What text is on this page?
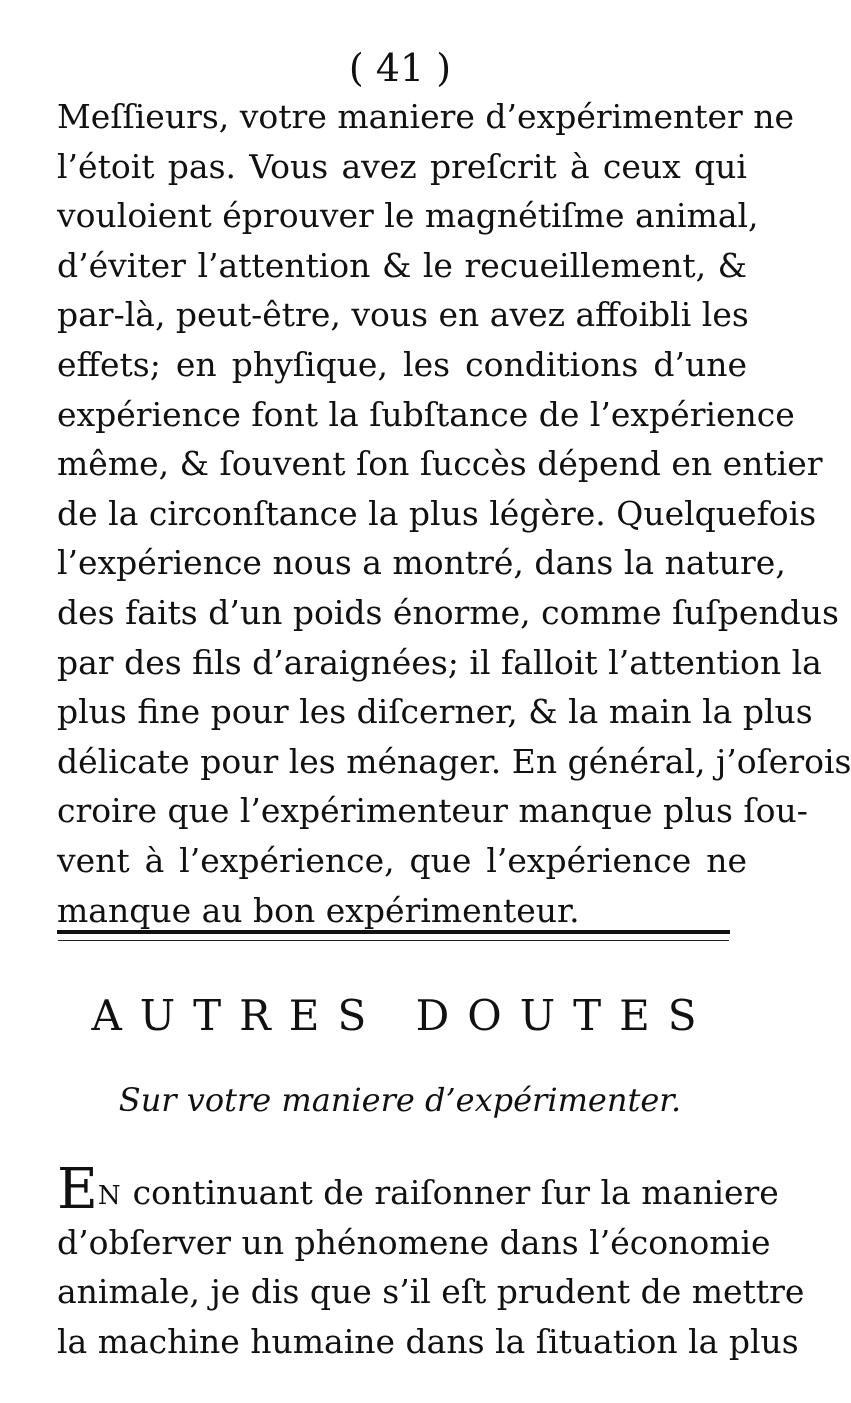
( 41 )
Meſſieurs, votre maniere d’expérimenter ne
l’étoit pas. Vous avez preſcrit à ceux qui
vouloient éprouver le magnétiſme animal,
d’éviter l’attention & le recueillement, &
par-là, peut-être, vous en avez affoibli les
effets; en phyſique, les conditions d’une
expérience font la ſubſtance de l’expérience
même, & ſouvent ſon ſuccès dépend en entier
de la circonſtance la plus légère. Quelquefois
l’expérience nous a montré, dans la nature,
des faits d’un poids énorme, comme ſuſpendus
par des fils d’araignées; il falloit l’attention la
plus fine pour les diſcerner, & la main la plus
délicate pour les ménager. En général, j’oſerois
croire que l’expérimenteur manque plus ſou-
vent à l’expérience, que l’expérience ne
manque au bon expérimenteur.
AUTRES DOUTES
Sur votre maniere d’expérimenter.
EN continuant de raiſonner ſur la maniere
d’obſerver un phénomene dans l’économie
animale, je dis que s’il eſt prudent de mettre
la machine humaine dans la ſituation la plus
